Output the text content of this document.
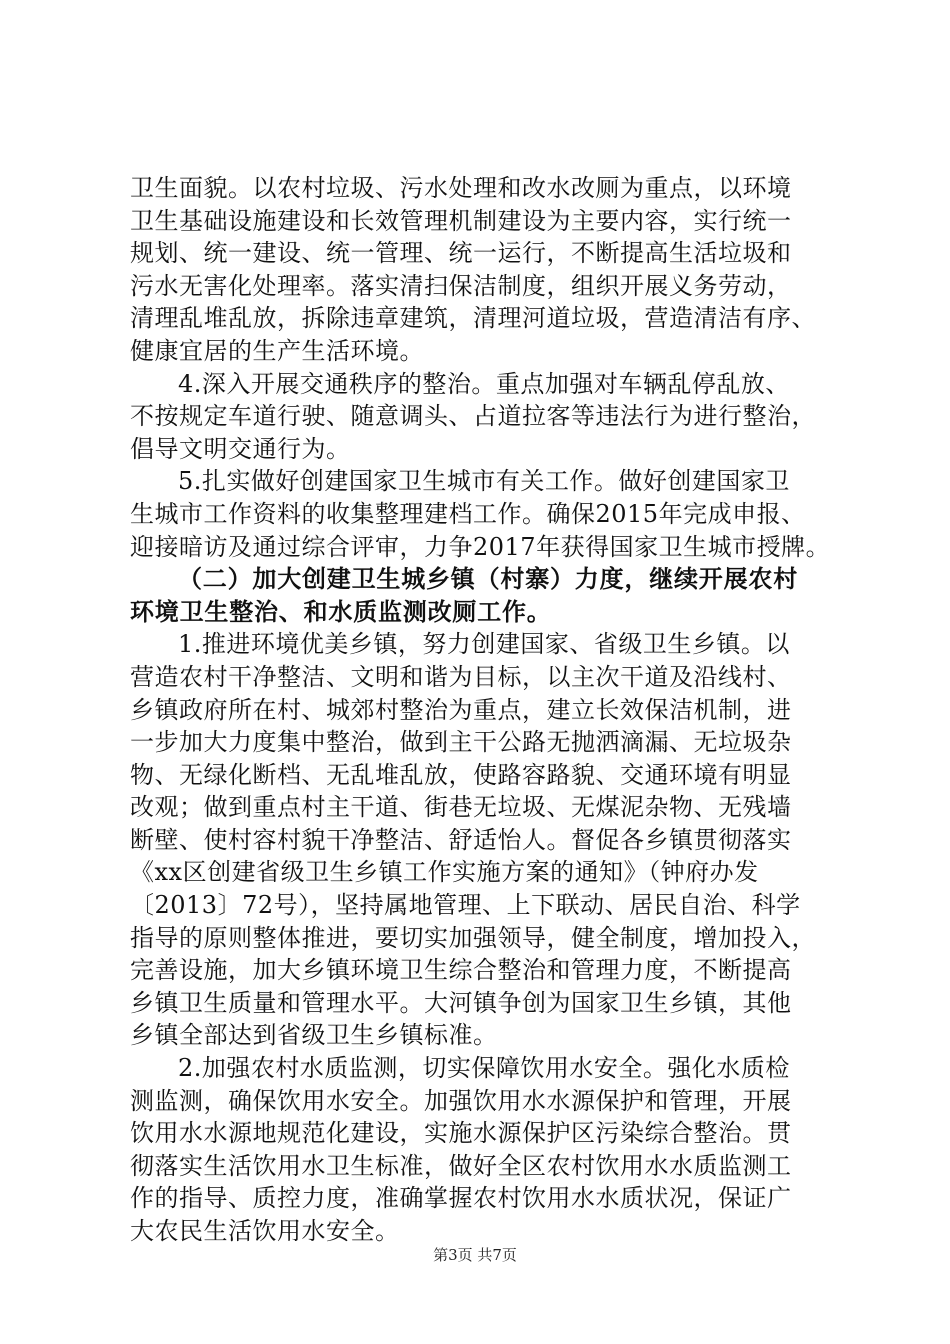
卫生面貌。以农村垃圾、污水处理和改水改厕为重点，以环境
卫生基础设施建设和长效管理机制建设为主要内容，实行统一
规划、统一建设、统一管理、统一运行，不断提高生活垃圾和
污水无害化处理率。落实清扫保洁制度，组织开展义务劳动，
清理乱堆乱放，拆除违章建筑，清理河道垃圾，营造清洁有序、
健康宜居的生产生活环境。
4.深入开展交通秩序的整治。重点加强对车辆乱停乱放、
不按规定车道行驶、随意调头、占道拉客等违法行为进行整治，
倡导文明交通行为。
5.扎实做好创建国家卫生城市有关工作。做好创建国家卫
生城市工作资料的收集整理建档工作。确保2015年完成申报、
迎接暗访及通过综合评审，力争2017年获得国家卫生城市授牌。
（二）加大创建卫生城乡镇（村寨）力度，继续开展农村
环境卫生整治、和水质监测改厕工作。
1.推进环境优美乡镇，努力创建国家、省级卫生乡镇。以
营造农村干净整洁、文明和谐为目标，以主次干道及沿线村、
乡镇政府所在村、城郊村整治为重点，建立长效保洁机制，进
一步加大力度集中整治，做到主干公路无抛洒滴漏、无垃圾杂
物、无绿化断档、无乱堆乱放，使路容路貌、交通环境有明显
改观；做到重点村主干道、街巷无垃圾、无煤泥杂物、无残墙
断壁、使村容村貌干净整洁、舒适怡人。督促各乡镇贯彻落实
《xx区创建省级卫生乡镇工作实施方案的通知》（钟府办发
〔2013〕72号），坚持属地管理、上下联动、居民自治、科学
指导的原则整体推进，要切实加强领导，健全制度，增加投入，
完善设施，加大乡镇环境卫生综合整治和管理力度，不断提高
乡镇卫生质量和管理水平。大河镇争创为国家卫生乡镇，其他
乡镇全部达到省级卫生乡镇标准。
2.加强农村水质监测，切实保障饮用水安全。强化水质检
测监测，确保饮用水安全。加强饮用水水源保护和管理，开展
饮用水水源地规范化建设，实施水源保护区污染综合整治。贯
彻落实生活饮用水卫生标准，做好全区农村饮用水水质监测工
作的指导、质控力度，准确掌握农村饮用水水质状况，保证广
大农民生活饮用水安全。
第3页 共7页
